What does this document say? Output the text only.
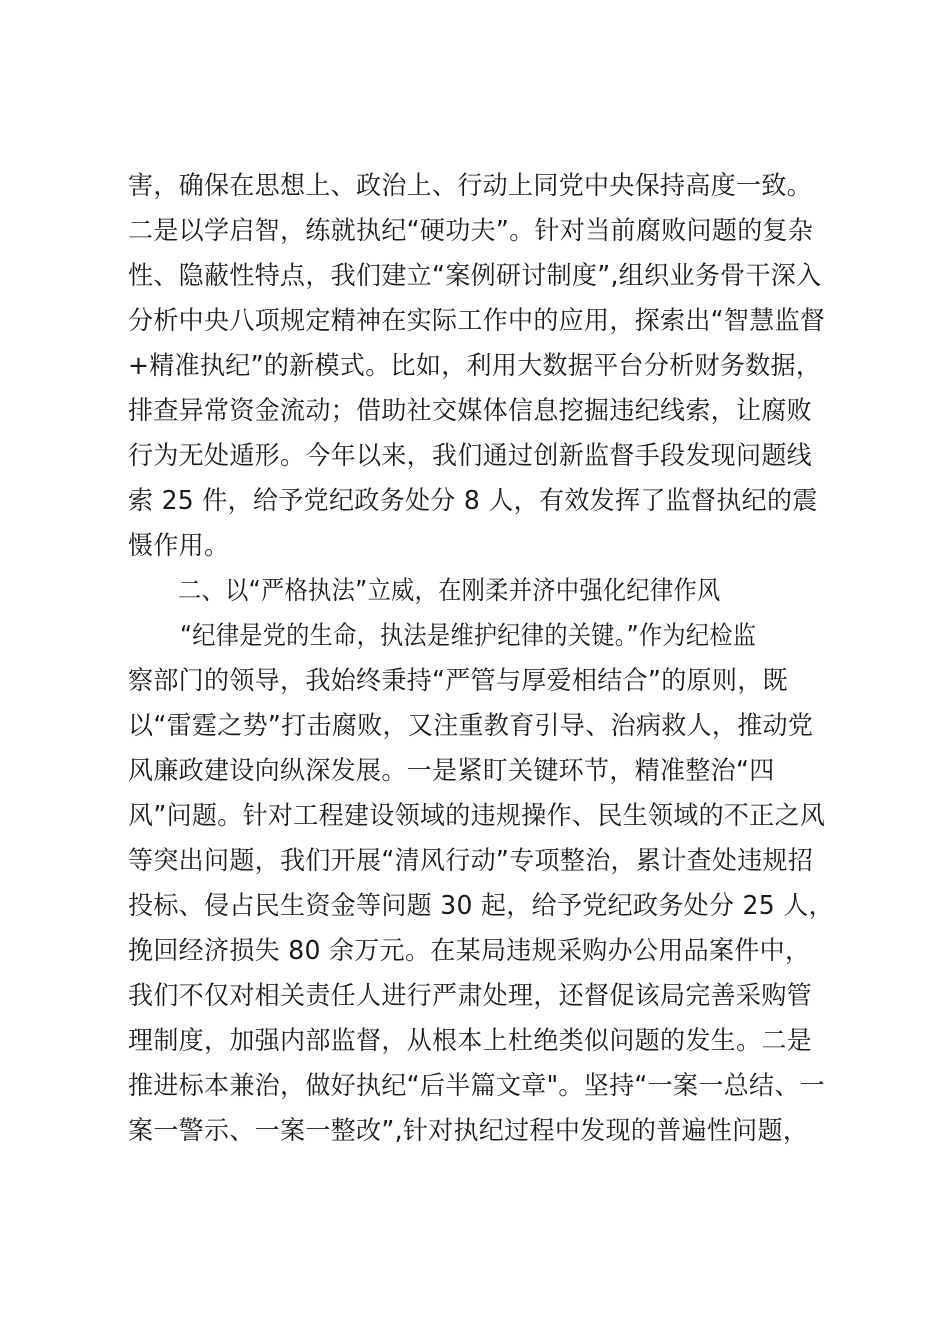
害，确保在思想上、政治上、行动上同党中央保持高度一致。
二是以学启智，练就执纪“硬功夫”。针对当前腐败问题的复杂
性、隐蔽性特点，我们建立“案例研讨制度”,组织业务骨干深入
分析中央八项规定精神在实际工作中的应用，探索出“智慧监督
+精准执纪”的新模式。比如，利用大数据平台分析财务数据，
排查异常资金流动；借助社交媒体信息挖掘违纪线索，让腐败
行为无处遁形。今年以来，我们通过创新监督手段发现问题线
索 25 件，给予党纪政务处分 8 人，有效发挥了监督执纪的震
慑作用。
二、以“严格执法”立威，在刚柔并济中强化纪律作风
“纪律是党的生命，执法是维护纪律的关键。”作为纪检监
察部门的领导，我始终秉持“严管与厚爱相结合”的原则，既
以“雷霆之势”打击腐败，又注重教育引导、治病救人，推动党
风廉政建设向纵深发展。一是紧盯关键环节，精准整治“四
风”问题。针对工程建设领域的违规操作、民生领域的不正之风
等突出问题，我们开展“清风行动”专项整治，累计查处违规招
投标、侵占民生资金等问题 30 起，给予党纪政务处分 25 人，
挽回经济损失 80 余万元。在某局违规采购办公用品案件中，
我们不仅对相关责任人进行严肃处理，还督促该局完善采购管
理制度，加强内部监督，从根本上杜绝类似问题的发生。二是
推进标本兼治，做好执纪“后半篇文章"。坚持“一案一总结、一
案一警示、一案一整改”,针对执纪过程中发现的普遍性问题，
